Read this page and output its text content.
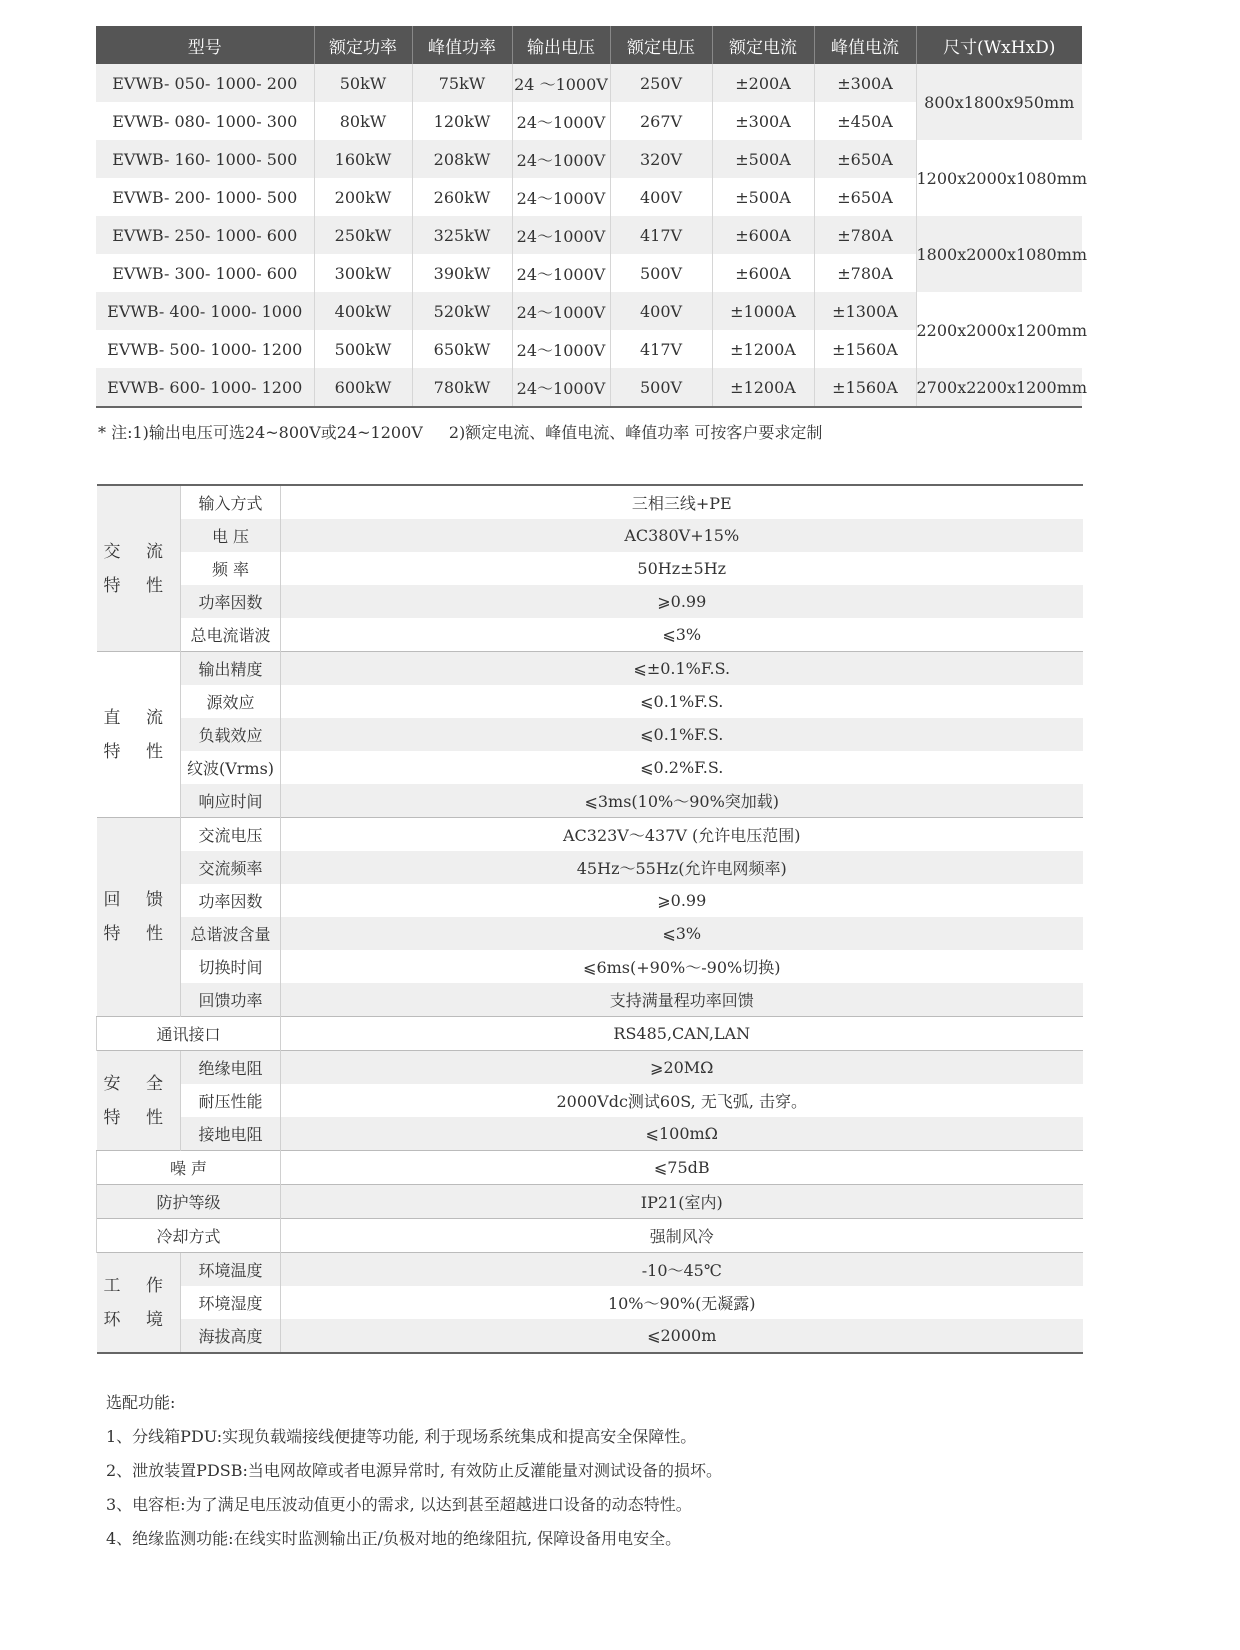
型号	额定功率	峰值功率	输出电压	额定电压	额定电流	峰值电流	尺寸(WxHxD)
EVWB- 050- 1000- 200	50kW	75kW	24 ～1000V	250V	±200A	±300A	800x1800x950mm
EVWB- 080- 1000- 300	80kW	120kW	24～1000V	267V	±300A	±450A	
EVWB- 160- 1000- 500	160kW	208kW	24～1000V	320V	±500A	±650A	1200x2000x1080mm
EVWB- 200- 1000- 500	200kW	260kW	24～1000V	400V	±500A	±650A	
EVWB- 250- 1000- 600	250kW	325kW	24～1000V	417V	±600A	±780A	1800x2000x1080mm
EVWB- 300- 1000- 600	300kW	390kW	24～1000V	500V	±600A	±780A	
EVWB- 400- 1000- 1000	400kW	520kW	24～1000V	400V	±1000A	±1300A	2200x2000x1200mm
EVWB- 500- 1000- 1200	500kW	650kW	24～1000V	417V	±1200A	±1560A	
EVWB- 600- 1000- 1200	600kW	780kW	24～1000V	500V	±1200A	±1560A	2700x2200x1200mm
* 注:1)输出电压可选24~800V或24~1200V 2)额定电流、峰值电流、峰值功率 可按客户要求定制
交 流
特 性	输入方式	三相三线+PE
	电 压	AC380V+15%
	频 率	50Hz±5Hz
	功率因数	⩾0.99
	总电流谐波	⩽3%

直 流
特 性	输出精度	⩽±0.1%F.S.
	源效应	⩽0.1%F.S.
	负载效应	⩽0.1%F.S.
	纹波(Vrms)	⩽0.2%F.S.
	响应时间	⩽3ms(10%～90%突加载)

回 馈
特 性	交流电压	AC323V～437V (允许电压范围)
	交流频率	45Hz～55Hz(允许电网频率)
	功率因数	⩾0.99
	总谐波含量	⩽3%
	切换时间	⩽6ms(+90%～-90%切换)
	回馈功率	支持满量程功率回馈
通讯接口		RS485,CAN,LAN

安 全
特 性	绝缘电阻	⩾20MΩ
	耐压性能	2000Vdc测试60S, 无飞弧, 击穿。
	接地电阻	⩽100mΩ
噪 声		⩽75dB
防护等级		IP21(室内)
冷却方式		强制风冷

工 作
环 境	环境温度	-10～45℃
	环境湿度	10%～90%(无凝露)
	海拔高度	⩽2000m
选配功能:
1、分线箱PDU:实现负载端接线便捷等功能, 利于现场系统集成和提高安全保障性。
2、泄放装置PDSB:当电网故障或者电源异常时, 有效防止反灌能量对测试设备的损坏。
3、电容柜:为了满足电压波动值更小的需求, 以达到甚至超越进口设备的动态特性。
4、绝缘监测功能:在线实时监测输出正/负极对地的绝缘阻抗, 保障设备用电安全。
